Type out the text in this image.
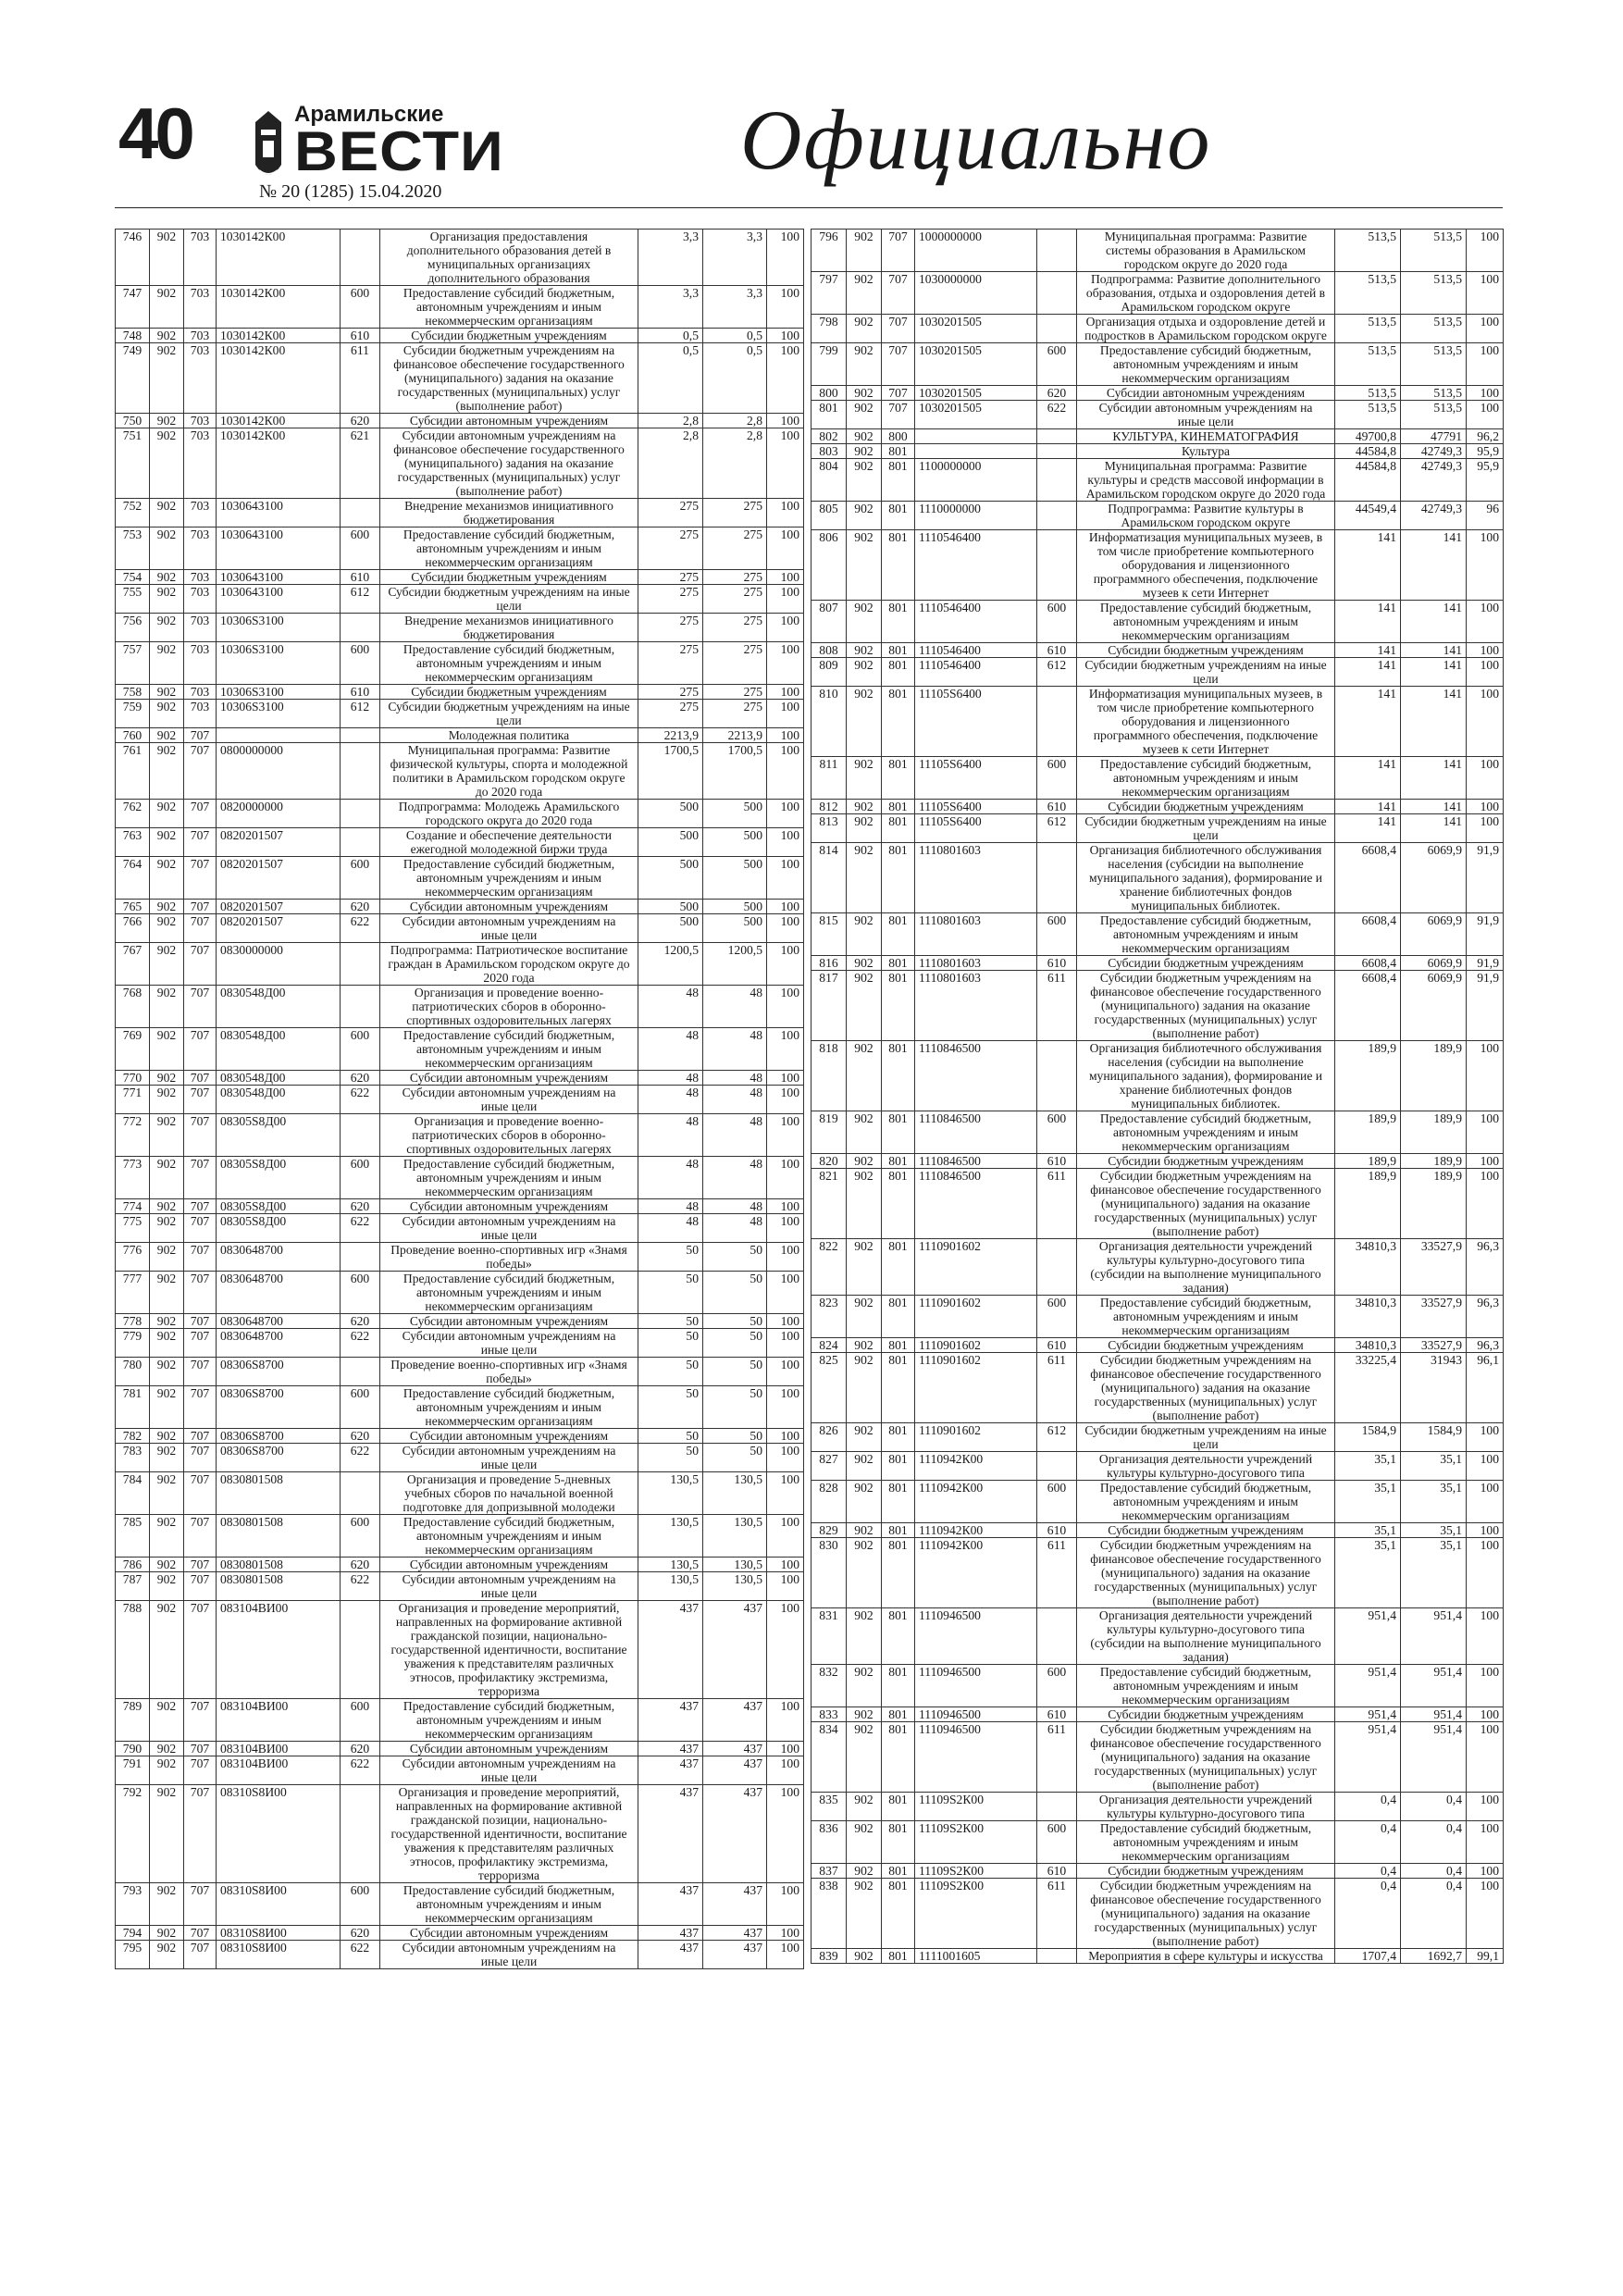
40	Арамильские
ВЕСТИ
№ 20 (1285) 15.04.2020
Официально
746	902	703	1030142К00		Организация предоставления дополнительного образования детей в муниципальных организациях дополнительного образования	3,3	3,3	100
747	902	703	1030142К00	600	Предоставление субсидий бюджетным, автономным учреждениям и иным некоммерческим организациям	3,3	3,3	100
748	902	703	1030142К00	610	Субсидии бюджетным учреждениям	0,5	0,5	100
749	902	703	1030142К00	611	Субсидии бюджетным учреждениям на финансовое обеспечение государственного (муниципального) задания на оказание государственных (муниципальных) услуг (выполнение работ)	0,5	0,5	100
750	902	703	1030142К00	620	Субсидии автономным учреждениям	2,8	2,8	100
751	902	703	1030142К00	621	Субсидии автономным учреждениям на финансовое обеспечение государственного (муниципального) задания на оказание государственных (муниципальных) услуг (выполнение работ)	2,8	2,8	100
752	902	703	1030643100		Внедрение механизмов инициативного бюджетирования	275	275	100
753	902	703	1030643100	600	Предоставление субсидий бюджетным, автономным учреждениям и иным некоммерческим организациям	275	275	100
754	902	703	1030643100	610	Субсидии бюджетным учреждениям	275	275	100
755	902	703	1030643100	612	Субсидии бюджетным учреждениям на иные цели	275	275	100
756	902	703	10306S3100		Внедрение механизмов инициативного бюджетирования	275	275	100
757	902	703	10306S3100	600	Предоставление субсидий бюджетным, автономным учреждениям и иным некоммерческим организациям	275	275	100
758	902	703	10306S3100	610	Субсидии бюджетным учреждениям	275	275	100
759	902	703	10306S3100	612	Субсидии бюджетным учреждениям на иные цели	275	275	100
760	902	707			Молодежная политика	2213,9	2213,9	100
761	902	707	0800000000		Муниципальная программа: Развитие физической культуры, спорта и молодежной политики в Арамильском городском округе до 2020 года	1700,5	1700,5	100
762	902	707	0820000000		Подпрограмма: Молодежь Арамильского городского округа до 2020 года	500	500	100
763	902	707	0820201507		Создание и обеспечение деятельности ежегодной молодежной биржи труда	500	500	100
764	902	707	0820201507	600	Предоставление субсидий бюджетным, автономным учреждениям и иным некоммерческим организациям	500	500	100
765	902	707	0820201507	620	Субсидии автономным учреждениям	500	500	100
766	902	707	0820201507	622	Субсидии автономным учреждениям на иные цели	500	500	100
767	902	707	0830000000		Подпрограмма: Патриотическое воспитание граждан в Арамильском городском округе до 2020 года	1200,5	1200,5	100
768	902	707	0830548Д00		Организация и проведение военно-патриотических сборов в оборонно-спортивных оздоровительных лагерях	48	48	100
769	902	707	0830548Д00	600	Предоставление субсидий бюджетным, автономным учреждениям и иным некоммерческим организациям	48	48	100
770	902	707	0830548Д00	620	Субсидии автономным учреждениям	48	48	100
771	902	707	0830548Д00	622	Субсидии автономным учреждениям на иные цели	48	48	100
772	902	707	08305S8Д00		Организация и проведение военно-патриотических сборов в оборонно-спортивных оздоровительных лагерях	48	48	100
773	902	707	08305S8Д00	600	Предоставление субсидий бюджетным, автономным учреждениям и иным некоммерческим организациям	48	48	100
774	902	707	08305S8Д00	620	Субсидии автономным учреждениям	48	48	100
775	902	707	08305S8Д00	622	Субсидии автономным учреждениям на иные цели	48	48	100
776	902	707	0830648700		Проведение военно-спортивных игр «Знамя победы»	50	50	100
777	902	707	0830648700	600	Предоставление субсидий бюджетным, автономным учреждениям и иным некоммерческим организациям	50	50	100
778	902	707	0830648700	620	Субсидии автономным учреждениям	50	50	100
779	902	707	0830648700	622	Субсидии автономным учреждениям на иные цели	50	50	100
780	902	707	08306S8700		Проведение военно-спортивных игр «Знамя победы»	50	50	100
781	902	707	08306S8700	600	Предоставление субсидий бюджетным, автономным учреждениям и иным некоммерческим организациям	50	50	100
782	902	707	08306S8700	620	Субсидии автономным учреждениям	50	50	100
783	902	707	08306S8700	622	Субсидии автономным учреждениям на иные цели	50	50	100
784	902	707	0830801508		Организация и проведение 5-дневных учебных сборов по начальной военной подготовке для допризывной молодежи	130,5	130,5	100
785	902	707	0830801508	600	Предоставление субсидий бюджетным, автономным учреждениям и иным некоммерческим организациям	130,5	130,5	100
786	902	707	0830801508	620	Субсидии автономным учреждениям	130,5	130,5	100
787	902	707	0830801508	622	Субсидии автономным учреждениям на иные цели	130,5	130,5	100
788	902	707	083104ВИ00		Организация и проведение мероприятий, направленных на формирование активной гражданской позиции, национально-государственной идентичности, воспитание уважения к представителям различных этносов, профилактику экстремизма, терроризма	437	437	100
789	902	707	083104ВИ00	600	Предоставление субсидий бюджетным, автономным учреждениям и иным некоммерческим организациям	437	437	100
790	902	707	083104ВИ00	620	Субсидии автономным учреждениям	437	437	100
791	902	707	083104ВИ00	622	Субсидии автономным учреждениям на иные цели	437	437	100
792	902	707	08310S8И00		Организация и проведение мероприятий, направленных на формирование активной гражданской позиции, национально-государственной идентичности, воспитание уважения к представителям различных этносов, профилактику экстремизма, терроризма	437	437	100
793	902	707	08310S8И00	600	Предоставление субсидий бюджетным, автономным учреждениям и иным некоммерческим организациям	437	437	100
794	902	707	08310S8И00	620	Субсидии автономным учреждениям	437	437	100
795	902	707	08310S8И00	622	Субсидии автономным учреждениям на иные цели	437	437	100
796	902	707	1000000000		Муниципальная программа: Развитие системы образования в Арамильском городском округе до 2020 года	513,5	513,5	100
797	902	707	1030000000		Подпрограмма: Развитие дополнительного образования, отдыха и оздоровления детей в Арамильском городском округе	513,5	513,5	100
798	902	707	1030201505		Организация отдыха и оздоровление детей и подростков в Арамильском городском округе	513,5	513,5	100
799	902	707	1030201505	600	Предоставление субсидий бюджетным, автономным учреждениям и иным некоммерческим организациям	513,5	513,5	100
800	902	707	1030201505	620	Субсидии автономным учреждениям	513,5	513,5	100
801	902	707	1030201505	622	Субсидии автономным учреждениям на иные цели	513,5	513,5	100
802	902	800			КУЛЬТУРА, КИНЕМАТОГРАФИЯ	49700,8	47791	96,2
803	902	801			Культура	44584,8	42749,3	95,9
804	902	801	1100000000		Муниципальная программа: Развитие культуры и средств массовой информации в Арамильском городском округе до 2020 года	44584,8	42749,3	95,9
805	902	801	1110000000		Подпрограмма: Развитие культуры в Арамильском городском округе	44549,4	42749,3	96
806	902	801	1110546400		Информатизация муниципальных музеев, в том числе приобретение компьютерного оборудования и лицензионного программного обеспечения, подключение музеев к сети Интернет	141	141	100
807	902	801	1110546400	600	Предоставление субсидий бюджетным, автономным учреждениям и иным некоммерческим организациям	141	141	100
808	902	801	1110546400	610	Субсидии бюджетным учреждениям	141	141	100
809	902	801	1110546400	612	Субсидии бюджетным учреждениям на иные цели	141	141	100
810	902	801	11105S6400		Информатизация муниципальных музеев, в том числе приобретение компьютерного оборудования и лицензионного программного обеспечения, подключение музеев к сети Интернет	141	141	100
811	902	801	11105S6400	600	Предоставление субсидий бюджетным, автономным учреждениям и иным некоммерческим организациям	141	141	100
812	902	801	11105S6400	610	Субсидии бюджетным учреждениям	141	141	100
813	902	801	11105S6400	612	Субсидии бюджетным учреждениям на иные цели	141	141	100
814	902	801	1110801603		Организация библиотечного обслуживания населения (субсидии на выполнение муниципального задания), формирование и хранение библиотечных фондов муниципальных библиотек.	6608,4	6069,9	91,9
815	902	801	1110801603	600	Предоставление субсидий бюджетным, автономным учреждениям и иным некоммерческим организациям	6608,4	6069,9	91,9
816	902	801	1110801603	610	Субсидии бюджетным учреждениям	6608,4	6069,9	91,9
817	902	801	1110801603	611	Субсидии бюджетным учреждениям на финансовое обеспечение государственного (муниципального) задания на оказание государственных (муниципальных) услуг (выполнение работ)	6608,4	6069,9	91,9
818	902	801	1110846500		Организация библиотечного обслуживания населения (субсидии на выполнение муниципального задания), формирование и хранение библиотечных фондов муниципальных библиотек.	189,9	189,9	100
819	902	801	1110846500	600	Предоставление субсидий бюджетным, автономным учреждениям и иным некоммерческим организациям	189,9	189,9	100
820	902	801	1110846500	610	Субсидии бюджетным учреждениям	189,9	189,9	100
821	902	801	1110846500	611	Субсидии бюджетным учреждениям на финансовое обеспечение государственного (муниципального) задания на оказание государственных (муниципальных) услуг (выполнение работ)	189,9	189,9	100
822	902	801	1110901602		Организация деятельности учреждений культуры культурно-досугового типа (субсидии на выполнение муниципального задания)	34810,3	33527,9	96,3
823	902	801	1110901602	600	Предоставление субсидий бюджетным, автономным учреждениям и иным некоммерческим организациям	34810,3	33527,9	96,3
824	902	801	1110901602	610	Субсидии бюджетным учреждениям	34810,3	33527,9	96,3
825	902	801	1110901602	611	Субсидии бюджетным учреждениям на финансовое обеспечение государственного (муниципального) задания на оказание государственных (муниципальных) услуг (выполнение работ)	33225,4	31943	96,1
826	902	801	1110901602	612	Субсидии бюджетным учреждениям на иные цели	1584,9	1584,9	100
827	902	801	1110942К00		Организация деятельности учреждений культуры культурно-досугового типа	35,1	35,1	100
828	902	801	1110942К00	600	Предоставление субсидий бюджетным, автономным учреждениям и иным некоммерческим организациям	35,1	35,1	100
829	902	801	1110942К00	610	Субсидии бюджетным учреждениям	35,1	35,1	100
830	902	801	1110942К00	611	Субсидии бюджетным учреждениям на финансовое обеспечение государственного (муниципального) задания на оказание государственных (муниципальных) услуг (выполнение работ)	35,1	35,1	100
831	902	801	1110946500		Организация деятельности учреждений культуры культурно-досугового типа (субсидии на выполнение муниципального задания)	951,4	951,4	100
832	902	801	1110946500	600	Предоставление субсидий бюджетным, автономным учреждениям и иным некоммерческим организациям	951,4	951,4	100
833	902	801	1110946500	610	Субсидии бюджетным учреждениям	951,4	951,4	100
834	902	801	1110946500	611	Субсидии бюджетным учреждениям на финансовое обеспечение государственного (муниципального) задания на оказание государственных (муниципальных) услуг (выполнение работ)	951,4	951,4	100
835	902	801	11109S2К00		Организация деятельности учреждений культуры культурно-досугового типа	0,4	0,4	100
836	902	801	11109S2К00	600	Предоставление субсидий бюджетным, автономным учреждениям и иным некоммерческим организациям	0,4	0,4	100
837	902	801	11109S2К00	610	Субсидии бюджетным учреждениям	0,4	0,4	100
838	902	801	11109S2К00	611	Субсидии бюджетным учреждениям на финансовое обеспечение государственного (муниципального) задания на оказание государственных (муниципальных) услуг (выполнение работ)	0,4	0,4	100
839	902	801	1111001605		Мероприятия в сфере культуры и искусства	1707,4	1692,7	99,1
